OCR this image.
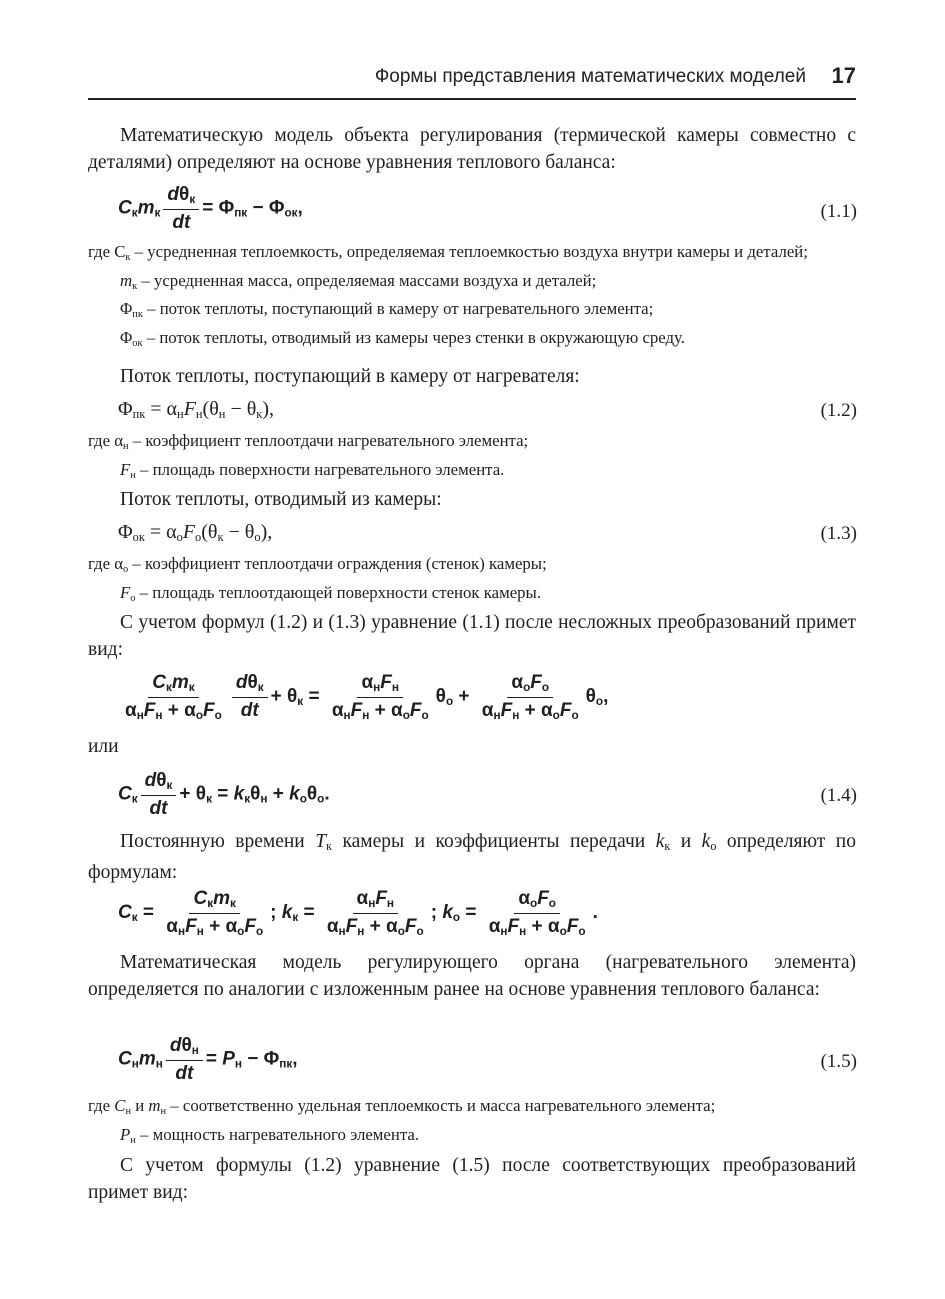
Формы представления математических моделей 17

Математическую модель объекта регулирования (термической камеры совместно с деталями) определяют на основе уравнения теплового баланса:

$C_кm_к \frac{d\theta_к}{dt} = \Phi_{пк} - \Phi_{ок}$,	(1.1)
где $C_к$ – усредненная теплоемкость, определяемая теплоемкостью воздуха внутри камеры и деталей;
$m_к$ – усредненная масса, определяемая массами воздуха и деталей;
$\Phi_{пк}$ – поток теплоты, поступающий в камеру от нагревательного элемента;
$\Phi_{ок}$ – поток теплоты, отводимый из камеры через стенки в окружающую среду.

Поток теплоты, поступающий в камеру от нагревателя:

$\Phi_{пк} = \alpha_нF_н(\theta_н - \theta_к)$,	(1.2)
где $\alpha_н$ – коэффициент теплоотдачи нагревательного элемента;
$F_н$ – площадь поверхности нагревательного элемента.

Поток теплоты, отводимый из камеры:

$\Phi_{ок} = \alpha_оF_о(\theta_к - \theta_о)$,	(1.3)
где $\alpha_о$ – коэффициент теплоотдачи ограждения (стенок) камеры;
$F_о$ – площадь теплоотдающей поверхности стенок камеры.

С учетом формул (1.2) и (1.3) уравнение (1.1) после несложных преобразований примет вид:

$\frac{C_кm_к}{\alpha_нF_н + \alpha_оF_о} \frac{d\theta_к}{dt} + \theta_к = \frac{\alpha_нF_н}{\alpha_нF_н + \alpha_оF_о} \theta_о + \frac{\alpha_оF_о}{\alpha_нF_н + \alpha_оF_о} \theta_о$,

или

$C_к \frac{d\theta_к}{dt} + \theta_к = k_к\theta_н + k_о\theta_о$.	(1.4)

Постоянную времени $T_к$ камеры и коэффициенты передачи $k_к$ и $k_о$ определяют по формулам:

$C_к = \frac{C_кm_к}{\alpha_нF_н + \alpha_оF_о}$ ; $k_к = \frac{\alpha_нF_н}{\alpha_нF_н + \alpha_оF_о}$ ; $k_о = \frac{\alpha_оF_о}{\alpha_нF_н + \alpha_оF_о}$ .

Математическая модель регулирующего органа (нагревательного элемента) определяется по аналогии с изложенным ранее на основе уравнения теплового баланса:

$C_нm_н \frac{d\theta_н}{dt} = P_н - \Phi_{пк}$,	(1.5)
где $C_н$ и $m_н$ – соответственно удельная теплоемкость и масса нагревательного элемента;
$P_н$ – мощность нагревательного элемента.

С учетом формулы (1.2) уравнение (1.5) после соответствующих преобразований примет вид:
